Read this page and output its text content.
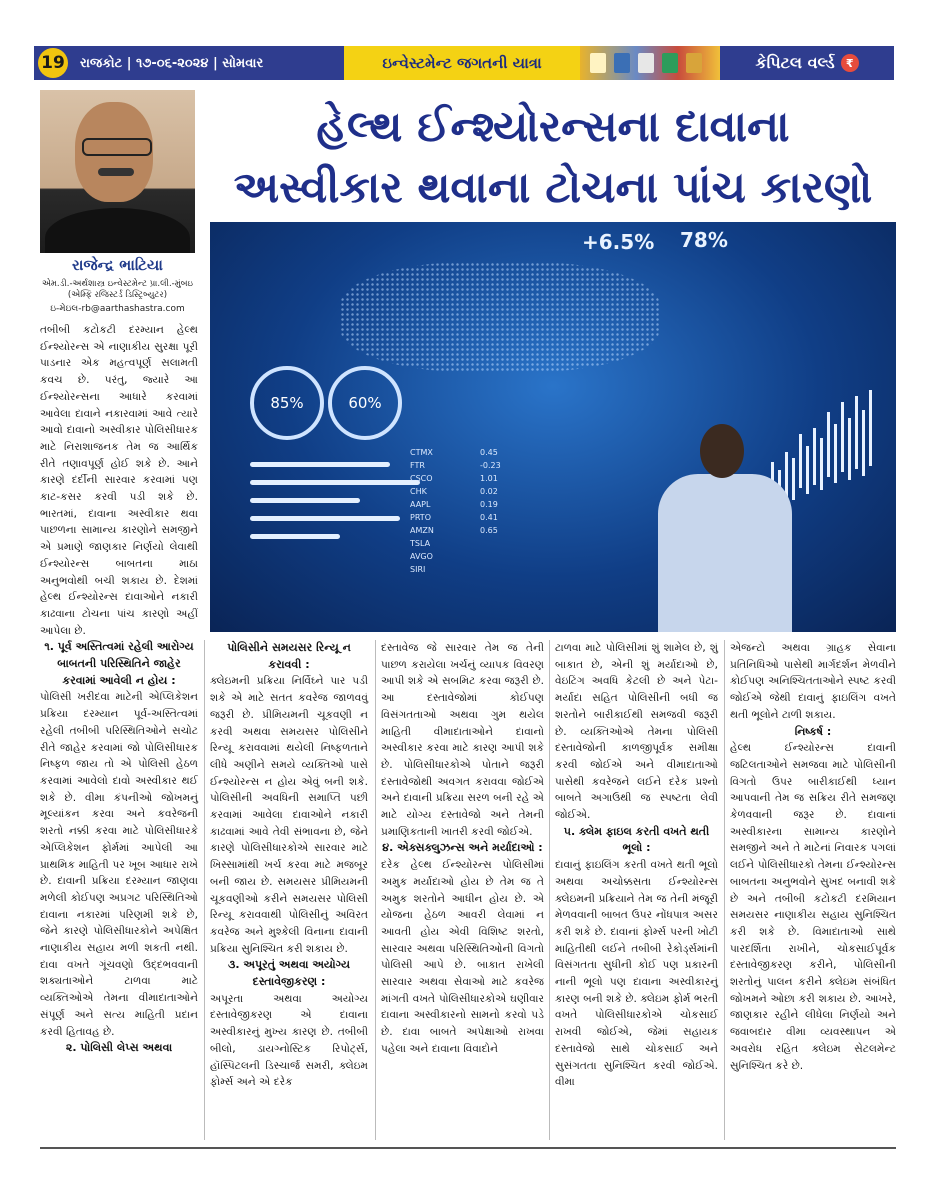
19 રાજકોટ | ૧૭-૦૬-૨૦૨૪ | સોમવાર	ઇન્વેસ્ટમેન્ટ જગતની યાત્રા	કેપિટલ વર્લ્ડ	₹
રાજેન્દ્ર ભાટિયા
એમ.ડી.-અર્થશાસ્ત્ર ઇન્વેસ્ટમેન્ટ પ્રા.લી.-મુંબઇ (એમ્ફિ રજિસ્ટર્ડ ડિસ્ટ્રિબ્યુટર)
ઇ-મેઇલ-rb@aarthashastra.com
હેલ્થ ઈન્શ્યોરન્સના દાવાના
અસ્વીકાર થવાના ટોચના પાંચ કારણો
+6.5% 78%
85%	60%
CTMX
FTR
CSCO
CHK
AAPL
PRTO
AMZN
TSLA
AVGO
SIRI
0.45
-0.23
1.01
0.02
0.19
0.41
0.65

તબીબી કટોકટી દરમ્યાન હેલ્થ ઈન્શ્યોરન્સ એ નાણાકીય સુરક્ષા પૂરી પાડનાર એક મહત્વપૂર્ણ સલામતી કવચ છે. પરંતુ, જ્યારે આ ઈન્શ્યોરન્સના આધારે કરવામાં આવેલા દાવાને નકારવામાં આવે ત્યારે આવો દાવાનો અસ્વીકાર પોલિસીધારક માટે નિરાશાજનક તેમ જ આર્થિક રીતે તણાવપૂર્ણ હોઈ શકે છે. આને કારણે દર્દીની સારવાર કરવામાં પણ કાટ-કસર કરવી પડી શકે છે. ભારતમાં, દાવાના અસ્વીકાર થવા પાછળના સામાન્ય કારણોને સમજીને એ પ્રમાણે જાણકાર નિર્ણયો લેવાથી ઈન્શ્યોરન્સ બાબતના માઠા અનુભવોથી બચી શકાય છે. દેશમાં હેલ્થ ઈન્શ્યોરન્સ દાવાઓને નકારી કાઢવાના ટોચના પાંચ કારણો અહીં આપેલા છે.

૧. પૂર્વ અસ્તિત્વમાં રહેલી આરોગ્ય બાબતની પરિસ્થિતિને જાહેર કરવામાં આવેલી ન હોય :

પોલિસી ખરીદવા માટેની એપ્લિકેશન પ્રક્રિયા દરમ્યાન પૂર્વ-અસ્તિત્વમાં રહેલી તબીબી પરિસ્થિતિઓને સચોટ રીતે જાહેર કરવામાં જો પોલિસીધારક નિષ્ફળ જાય તો એ પોલિસી હેઠળ કરવામાં આવેલો દાવો અસ્વીકાર થઈ શકે છે. વીમા કંપનીઓ જોખમનું મૂલ્યાંકન કરવા અને કવરેજની શરતો નક્કી કરવા માટે પોલિસીધારકે એપ્લિકેશન ફોર્મમાં આપેલી આ પ્રાથમિક માહિતી પર ખૂબ આધાર રાખે છે. દાવાની પ્રક્રિયા દરમ્યાન જાણવા મળેલી કોઈપણ અપ્રગટ પરિસ્થિતિઓ દાવાના નકારમાં પરિણમી શકે છે, જેને કારણે પોલિસીધારકોને અપેક્ષિત નાણાકીય સહાય મળી શકતી નથી. દાવા વખતે ગૂંચવણો ઉદ્દભવવાની શક્યતાઓને ટાળવા માટે વ્યક્તિઓએ તેમના વીમાદાતાઓને સંપૂર્ણ અને સત્ય માહિતી પ્રદાન કરવી હિતાવહ છે.

૨. પોલિસી લેપ્સ અથવા

પોલિસીને સમયસર રિન્યૂ ન કરાવવી :

ક્લેઇમની પ્રક્રિયા નિર્વિઘ્ને પાર પડી શકે એ માટે સતત કવરેજ જાળવવું જરૂરી છે. પ્રીમિયમની ચૂકવણી ન કરવી અથવા સમયસર પોલિસીને રિન્યૂ કરાવવામાં થયેલી નિષ્ફળતાને લીધે અણીને સમયે વ્યક્તિઓ પાસે ઈન્શ્યોરન્સ ન હોય એવું બની શકે. પોલિસીની અવધિની સમાપ્તિ પછી કરવામાં આવેલા દાવાઓને નકારી કાઢવામાં આવે તેવી સંભાવના છે, જેને કારણે પોલિસીધારકોએ સારવાર માટે ખિસ્સામાંથી ખર્ચ કરવા માટે મજબૂર બની જાય છે. સમયસર પ્રીમિયમની ચૂકવણીઓ કરીને સમયસર પોલિસી રિન્યૂ કરાવવાથી પોલિસીનું અવિરત કવરેજ અને મુશ્કેલી વિનાના દાવાની પ્રક્રિયા સુનિશ્ચિત કરી શકાય છે.

૩. અપૂરતું અથવા અયોગ્ય દસ્તાવેજીકરણ :

અપૂરતા અથવા અયોગ્ય દસ્તાવેજીકરણ એ દાવાના અસ્વીકારનું મુખ્ય કારણ છે. તબીબી બીલો, ડાયગ્નોસ્ટિક રિપોર્ટ્સ, હૉસ્પિટલની ડિસ્ચાર્જ સમરી, ક્લેઇમ ફોર્મ્સ અને એ દરેક

દસ્તાવેજ જે સારવાર તેમ જ તેની પાછળ કરાયેલા ખર્ચનું વ્યાપક વિવરણ આપી શકે એ સબમિટ કરવા જરૂરી છે. આ દસ્તાવેજોમાં કોઈપણ વિસંગતતાઓ અથવા ગુમ થયેલ માહિતી વીમાદાતાઓને દાવાનો અસ્વીકાર કરવા માટે કારણ આપી શકે છે. પોલિસીધારકોએ પોતાને જરૂરી દસ્તાવેજોથી અવગત કરાવવા જોઈએ અને દાવાની પ્રક્રિયા સરળ બની રહે એ માટે યોગ્ય દસ્તાવેજો અને તેમની પ્રમાણિકતાની ખાતરી કરવી જોઈએ.

૪. એક્સક્લુઝન્સ અને મર્યાદાઓ :

દરેક હેલ્થ ઈન્શ્યોરન્સ પોલિસીમાં અમુક મર્યાદાઓ હોય છે તેમ જ તે અમુક શરતોને આધીન હોય છે. એ યોજના હેઠળ આવરી લેવામાં ન આવતી હોય એવી વિશિષ્ટ શરતો, સારવાર અથવા પરિસ્થિતિઓની વિગતો પોલિસી આપે છે. બાકાત રાખેલી સારવાર અથવા સેવાઓ માટે કવરેજ માંગતી વખતે પોલિસીધારકોએ ઘણીવાર દાવાના અસ્વીકારનો સામનો કરવો પડે છે. દાવા બાબતે અપેક્ષાઓ રાખવા પહેલા અને દાવાના વિવાદોને

ટાળવા માટે પોલિસીમાં શું શામેલ છે, શું બાકાત છે, એની શું મર્યાદાઓ છે, વેઇટિંગ અવધિ કેટલી છે અને પેટા-મર્યાદા સહિત પોલિસીની બધી જ શરતોને બારીકાઈથી સમજવી જરૂરી છે. વ્યક્તિઓએ તેમના પોલિસી દસ્તાવેજોની કાળજીપૂર્વક સમીક્ષા કરવી જોઈએ અને વીમાદાતાઓ પાસેથી કવરેજને લઈને દરેક પ્રશ્નો બાબતે અગાઉથી જ સ્પષ્ટતા લેવી જોઈએ.

૫. ક્લેમ ફાઇલ કરતી વખતે થતી ભૂલો :

દાવાનું ફાઇલિંગ કરતી વખતે થતી ભૂલો અથવા અચોક્કસતા ઈન્શ્યોરન્સ ક્લેઇમની પ્રક્રિયાને તેમ જ તેની મંજૂરી મેળવવાની બાબત ઉપર નોંધપાત્ર અસર કરી શકે છે. દાવાનાં ફોર્મ્સ પરની ખોટી માહિતીથી લઈને તબીબી રેકોર્ડ્સમાંની વિસંગતતા સુધીની કોઈ પણ પ્રકારની નાની ભૂલો પણ દાવાના અસ્વીકારનું કારણ બની શકે છે. ક્લેઇમ ફોર્મ ભરતી વખતે પોલિસીધારકોએ ચોકસાઈ રાખવી જોઈએ, જેમાં સહાયક દસ્તાવેજો સાથે ચોકસાઈ અને સુસંગતતા સુનિશ્ચિત કરવી જોઈએ. વીમા

એજન્ટો અથવા ગ્રાહક સેવાના પ્રતિનિધિઓ પાસેથી માર્ગદર્શન મેળવીને કોઈપણ અનિશ્ચિતતાઓને સ્પષ્ટ કરવી જોઈએ જેથી દાવાનું ફાઇલિંગ વખતે થતી ભૂલોને ટાળી શકાય.

નિષ્કર્ષ :

હેલ્થ ઈન્શ્યોરન્સ દાવાની જટિલતાઓને સમજવા માટે પોલિસીની વિગતો ઉપર બારીકાઈથી ધ્યાન આપવાની તેમ જ સક્રિય રીતે સમજણ કેળવવાની જરૂર છે. દાવાનાં અસ્વીકારના સામાન્ય કારણોને સમજીને અને તે માટેનાં નિવારક પગલાં લઈને પોલિસીધારકો તેમના ઈન્શ્યોરન્સ બાબતના અનુભવોને સુખદ બનાવી શકે છે અને તબીબી કટોકટી દરમિયાન સમયસર નાણાકીય સહાય સુનિશ્ચિત કરી શકે છે. વિમાદાતાઓ સાથે પારદર્શિતા રાખીને, ચોકસાઈપૂર્વક દસ્તાવેજીકરણ કરીને, પોલિસીની શરતોનું પાલન કરીને ક્લેઇમ સંબંધિત જોખમને ઓછા કરી શકાય છે. આખરે, જાણકાર રહીને લીધેલા નિર્ણયો અને જવાબદાર વીમા વ્યવસ્થાપન એ અવરોધ રહિત ક્લેઇમ સેટલમેન્ટ સુનિશ્ચિત કરે છે.
